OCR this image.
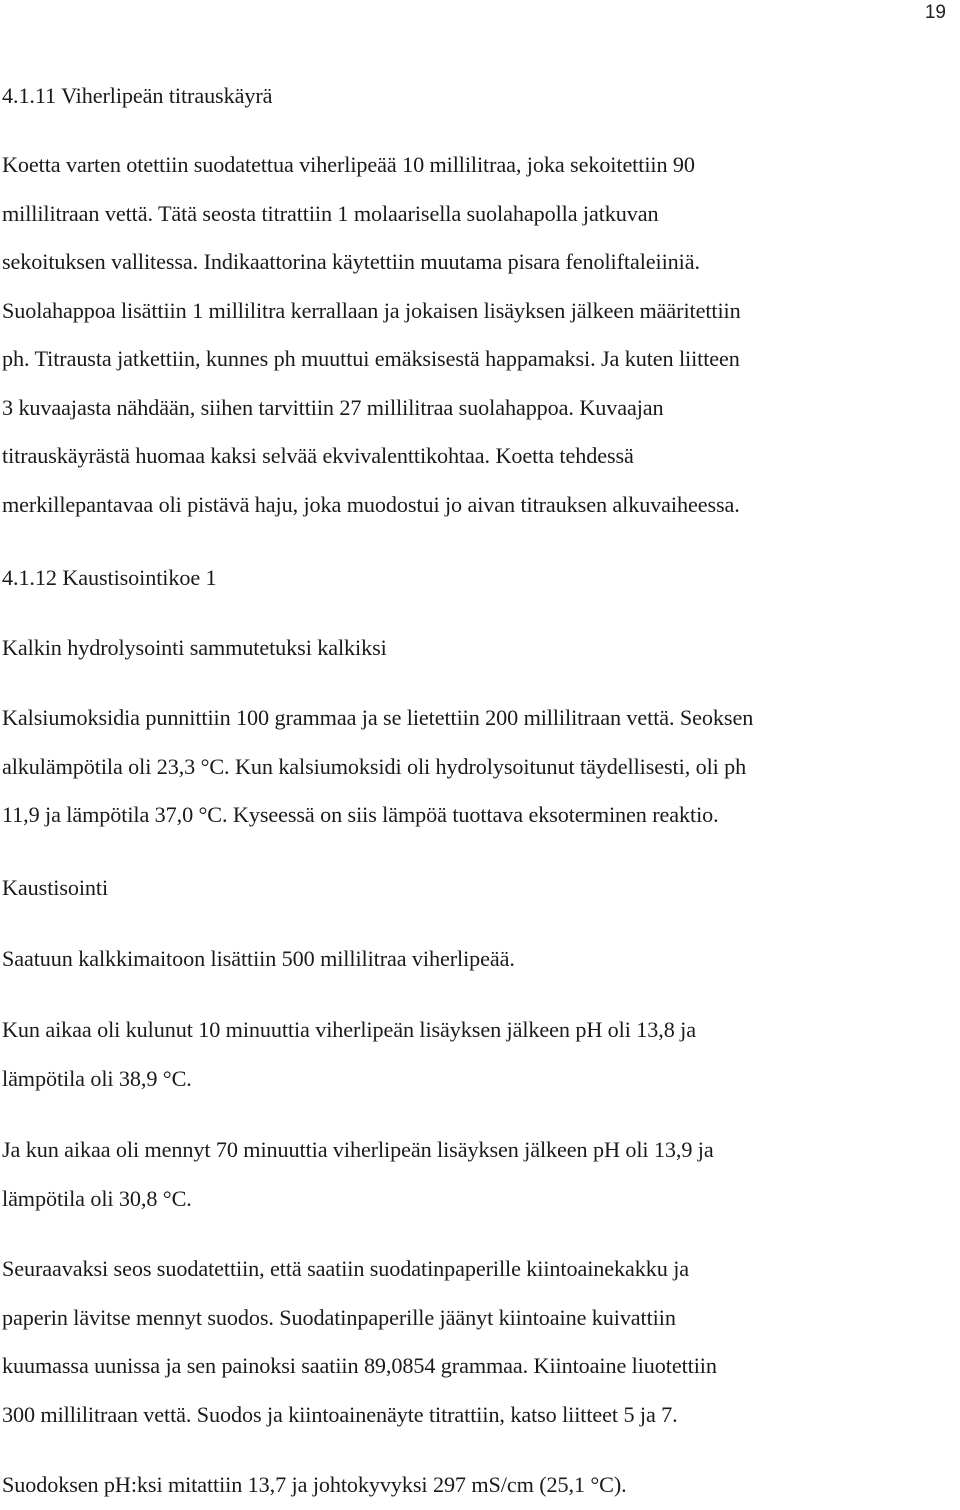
19
4.1.11 Viherlipeän titrauskäyrä
Koetta varten otettiin suodatettua viherlipeää 10 millilitraa, joka sekoitettiin 90
millilitraan vettä. Tätä seosta titrattiin 1 molaarisella suolahapolla jatkuvan
sekoituksen vallitessa. Indikaattorina käytettiin muutama pisara fenoliftaleiiniä.
Suolahappoa lisättiin 1 millilitra kerrallaan ja jokaisen lisäyksen jälkeen määritettiin
ph. Titrausta jatkettiin, kunnes ph muuttui emäksisestä happamaksi. Ja kuten liitteen
3 kuvaajasta nähdään, siihen tarvittiin 27 millilitraa suolahappoa. Kuvaajan
titrauskäyrästä huomaa kaksi selvää ekvivalenttikohtaa. Koetta tehdessä
merkillepantavaa oli pistävä haju, joka muodostui jo aivan titrauksen alkuvaiheessa.
4.1.12 Kaustisointikoe 1
Kalkin hydrolysointi sammutetuksi kalkiksi
Kalsiumoksidia punnittiin 100 grammaa ja se lietettiin 200 millilitraan vettä. Seoksen
alkulämpötila oli 23,3 °C. Kun kalsiumoksidi oli hydrolysoitunut täydellisesti, oli ph
11,9 ja lämpötila 37,0 °C. Kyseessä on siis lämpöä tuottava eksoterminen reaktio.
Kaustisointi
Saatuun kalkkimaitoon lisättiin 500 millilitraa viherlipeää.
Kun aikaa oli kulunut 10 minuuttia viherlipeän lisäyksen jälkeen pH oli 13,8 ja
lämpötila oli 38,9 °C.
Ja kun aikaa oli mennyt 70 minuuttia viherlipeän lisäyksen jälkeen pH oli 13,9 ja
lämpötila oli 30,8 °C.
Seuraavaksi seos suodatettiin, että saatiin suodatinpaperille kiintoainekakku ja
paperin lävitse mennyt suodos. Suodatinpaperille jäänyt kiintoaine kuivattiin
kuumassa uunissa ja sen painoksi saatiin 89,0854 grammaa. Kiintoaine liuotettiin
300 millilitraan vettä. Suodos ja kiintoainenäyte titrattiin, katso liitteet 5 ja 7.
Suodoksen pH:ksi mitattiin 13,7 ja johtokyvyksi 297 mS/cm (25,1 °C).
